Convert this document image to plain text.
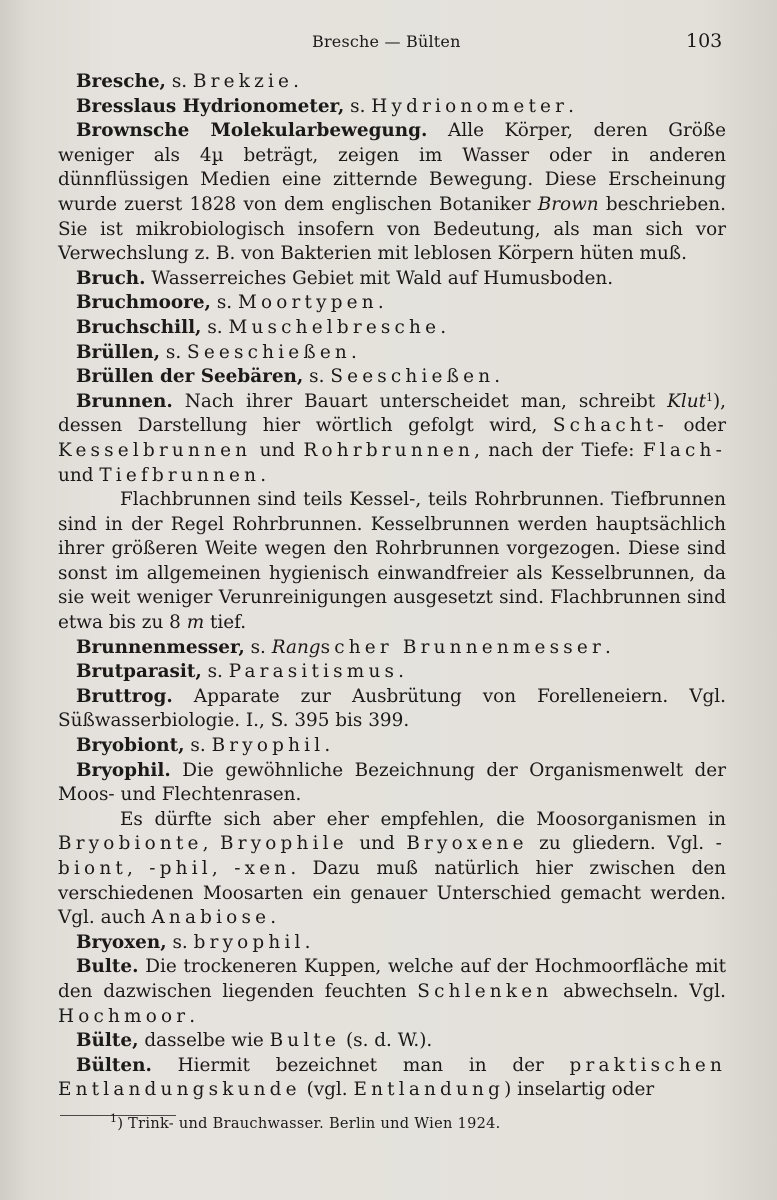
Bresche — Bülten	103

Bresche, s. Brekzie.

Bresslaus Hydrionometer, s. Hydrionometer.

Brownsche Molekularbewegung. Alle Körper, deren Größe weniger als 4µ beträgt, zeigen im Wasser oder in anderen dünnflüssigen Medien eine zitternde Bewegung. Diese Erscheinung wurde zuerst 1828 von dem englischen Botaniker Brown beschrieben. Sie ist mikrobiologisch insofern von Bedeutung, als man sich vor Verwechslung z. B. von Bakterien mit leblosen Körpern hüten muß.

Bruch. Wasserreiches Gebiet mit Wald auf Humusboden.

Bruchmoore, s. Moortypen.

Bruchschill, s. Muschelbresche.

Brüllen, s. Seeschießen.

Brüllen der Seebären, s. Seeschießen.

Brunnen. Nach ihrer Bauart unterscheidet man, schreibt Klut$^1$), dessen Darstellung hier wörtlich gefolgt wird, Schacht- oder Kesselbrunnen und Rohrbrunnen, nach der Tiefe: Flach- und Tiefbrunnen.

Flachbrunnen sind teils Kessel-, teils Rohrbrunnen. Tiefbrunnen sind in der Regel Rohrbrunnen. Kesselbrunnen werden hauptsächlich ihrer größeren Weite wegen den Rohrbrunnen vorgezogen. Diese sind sonst im allgemeinen hygienisch einwandfreier als Kesselbrunnen, da sie weit weniger Verunreinigungen ausgesetzt sind. Flachbrunnen sind etwa bis zu 8 m tief.

Brunnenmesser, s. Rangscher Brunnenmesser.

Brutparasit, s. Parasitismus.

Bruttrog. Apparate zur Ausbrütung von Forelleneiern. Vgl. Süßwasserbiologie. I., S. 395 bis 399.

Bryobiont, s. Bryophil.

Bryophil. Die gewöhnliche Bezeichnung der Organismenwelt der Moos- und Flechtenrasen.

Es dürfte sich aber eher empfehlen, die Moosorganismen in Bryobionte, Bryophile und Bryoxene zu gliedern. Vgl. -biont, -phil, -xen. Dazu muß natürlich hier zwischen den verschiedenen Moosarten ein genauer Unterschied gemacht werden. Vgl. auch Anabiose.

Bryoxen, s. bryophil.

Bulte. Die trockeneren Kuppen, welche auf der Hochmoorfläche mit den dazwischen liegenden feuchten Schlenken abwechseln. Vgl. Hochmoor.

Bülte, dasselbe wie Bulte (s. d. W.).

Bülten. Hiermit bezeichnet man in der praktischen Entlandungskunde (vgl. Entlandung) inselartig oder

$^1$) Trink- und Brauchwasser. Berlin und Wien 1924.
